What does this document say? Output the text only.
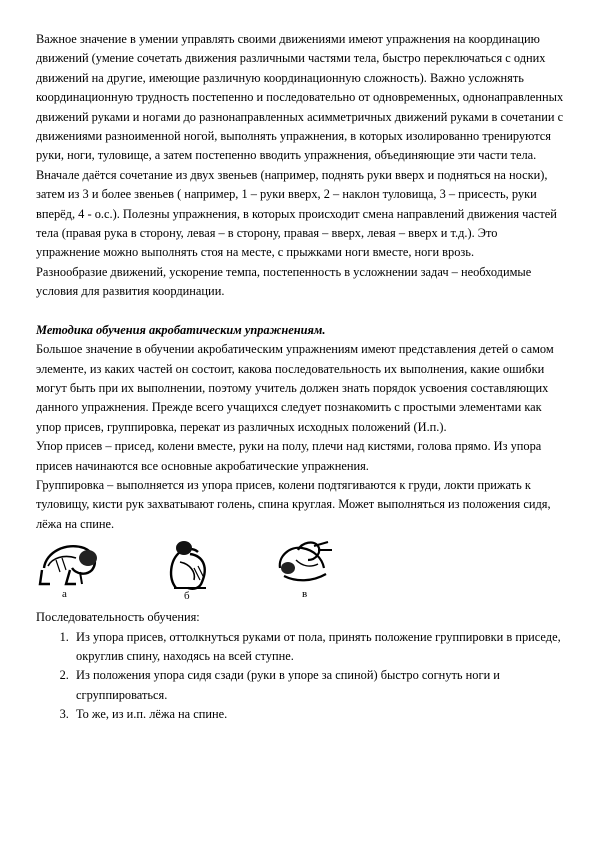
Важное значение в умении управлять своими движениями имеют упражнения на координацию движений (умение сочетать движения различными частями тела, быстро переключаться с одних движений на другие, имеющие различную координационную сложность). Важно усложнять координационную трудность постепенно и последовательно от одновременных, однонаправленных движений руками и ногами до разнонаправленных асимметричных движений руками в сочетании с движениями разноименной ногой, выполнять упражнения, в которых изолированно тренируются руки, ноги, туловище, а затем постепенно вводить упражнения, объединяющие эти части тела. Вначале даётся сочетание из двух звеньев (например, поднять руки вверх и подняться на носки), затем из 3 и более звеньев ( например, 1 – руки вверх, 2 – наклон туловища, 3 – присесть, руки вперёд, 4 - о.с.). Полезны упражнения, в которых происходит смена направлений движения частей тела (правая рука в сторону, левая – в сторону, правая – вверх, левая – вверх и т.д.). Это упражнение можно выполнять стоя на месте, с прыжками ноги вместе, ноги врозь.

Разнообразие движений, ускорение темпа, постепенность в усложнении задач – необходимые условия для развития координации.

Методика обучения акробатическим упражнениям.

Большое значение в обучении акробатическим упражнениям имеют представления детей о самом элементе, из каких частей он состоит, какова последовательность их выполнения, какие ошибки могут быть при их выполнении, поэтому учитель должен знать порядок усвоения составляющих данного упражнения. Прежде всего учащихся следует познакомить с простыми элементами как упор присев, группировка, перекат из различных исходных положений (И.п.).

Упор присев – присед, колени вместе, руки на полу, плечи над кистями, голова прямо. Из упора присев начинаются все основные акробатические упражнения.

Группировка – выполняется из упора присев, колени подтягиваются к груди, локти прижать к туловищу, кисти рук захватывают голень, спина круглая. Может выполняться из положения сидя, лёжа на спине.

а	б	в

Последовательность обучения:

1. Из упора присев, оттолкнуться руками от пола, принять положение группировки в приседе, округлив спину, находясь на всей ступне.
2. Из положения упора сидя сзади (руки в упоре за спиной) быстро согнуть ноги и сгруппироваться.
3. То же, из и.п. лёжа на спине.
